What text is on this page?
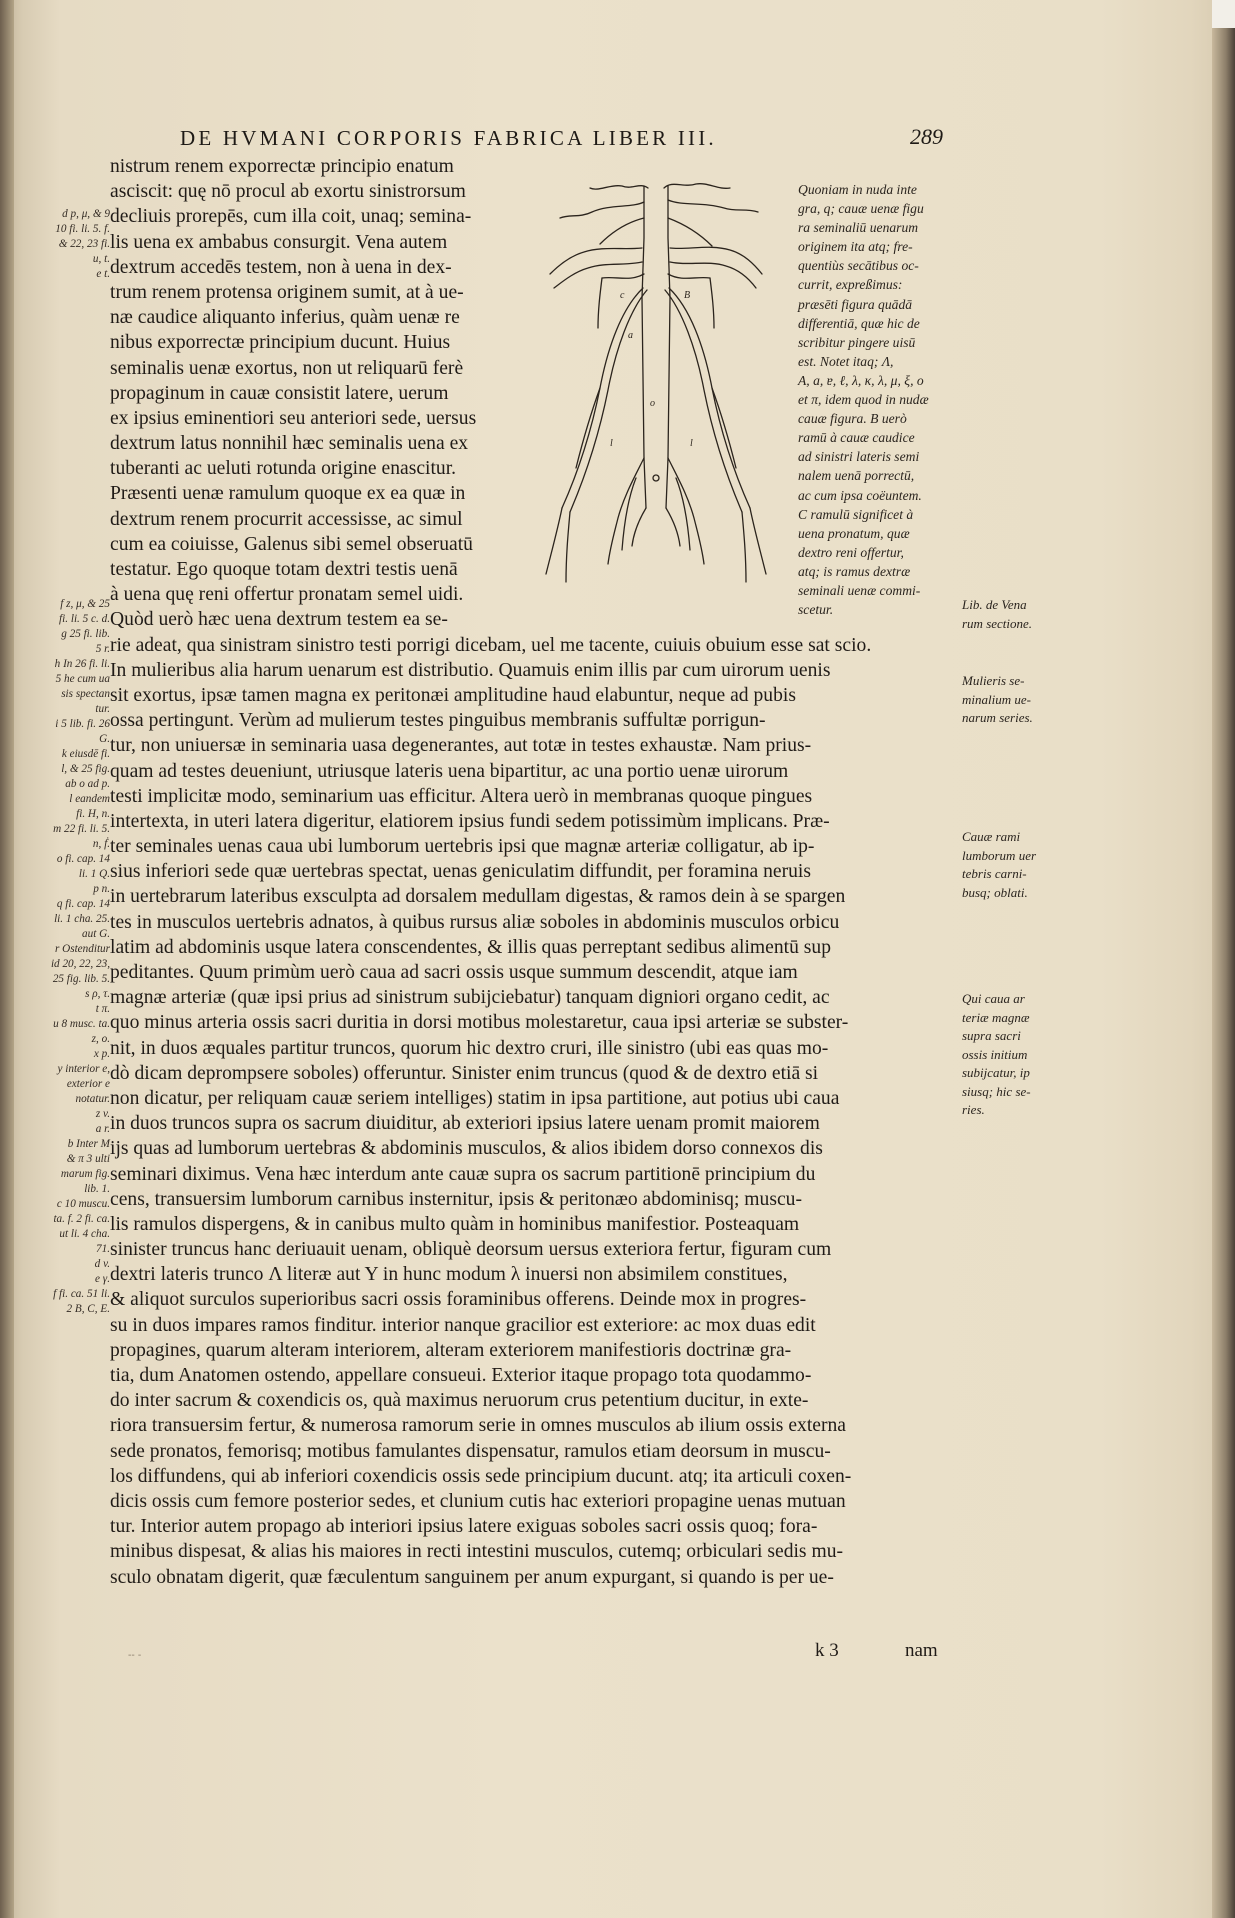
DE HVMANI CORPORIS FABRICA LIBER III.	289
d p, μ, & 9
10 fi. li. 5. f.
& 22, 23 fi.
u, t.
e t.
f z, μ, & 25
fi. li. 5 c. d.
g 25 fi. lib.
5 r.
h In 26 fi. li.
5 he cum ua
sis spectan
tur.
i 5 lib. fi. 26
G.
k eiusdē fi.
l, & 25 fig.
ab o ad p.
l eandem
fi. H, n.
m 22 fi. li. 5.
n, ḟ.
o fi. cap. 14
li. 1 Q.
p n.
q fi. cap. 14
li. 1 cha. 25.
aut G.
r Ostenditur
id 20, 22, 23,
25 fig. lib. 5.
s ρ, τ.
t π.
u 8 musc. ta.
z, o.
x p.
y interior e,
exterior e
notatur.
z v.
a r.
b Inter M
& π 3 ulti
marum fig.
lib. 1.
c 10 muscu.
ta. f. 2 fi. ca.
ut li. 4 cha.
71.
d v.
e γ.
f fi. ca. 51 li.
2 B, C, E.
nistrum renem exporrectæ principio enatum
asciscit: quę nō procul ab exortu sinistrorsum
decliuis prorepēs, cum illa coit, unaq; semina-
lis uena ex ambabus consurgit. Vena autem
dextrum accedēs testem, non à uena in dex-
trum renem protensa originem sumit, at à ue-
næ caudice aliquanto inferius, quàm uenæ re
nibus exporrectæ principium ducunt. Huius
seminalis uenæ exortus, non ut reliquarū ferè
propaginum in cauæ consistit latere, uerum
ex ipsius eminentiori seu anteriori sede, uersus
dextrum latus nonnihil hæc seminalis uena ex
tuberanti ac ueluti rotunda origine enascitur.
Præsenti uenæ ramulum quoque ex ea quæ in
dextrum renem procurrit accessisse, ac simul
cum ea coiuisse, Galenus sibi semel obseruatū
testatur. Ego quoque totam dextri testis uenā
à uena quę reni offertur pronatam semel uidi.
Quòd uerò hæc uena dextrum testem ea se-
rie adeat, qua sinistram sinistro testi porrigi dicebam, uel me tacente, cuiuis obuium esse sat scio.
In mulieribus alia harum uenarum est distributio. Quamuis enim illis par cum uirorum uenis
sit exortus, ipsæ tamen magna ex peritonæi amplitudine haud elabuntur, neque ad pubis
ossa pertingunt. Verùm ad mulierum testes pinguibus membranis suffultæ porrigun-
tur, non uniuersæ in seminaria uasa degenerantes, aut totæ in testes exhaustæ. Nam prius-
quam ad testes deueniunt, utriusque lateris uena bipartitur, ac una portio uenæ uirorum
testi implicitæ modo, seminarium uas efficitur. Altera uerò in membranas quoque pingues
intertexta, in uteri latera digeritur, elatiorem ipsius fundi sedem potissimùm implicans. Præ-
ter seminales uenas caua ubi lumborum uertebris ipsi que magnæ arteriæ colligatur, ab ip-
sius inferiori sede quæ uertebras spectat, uenas geniculatim diffundit, per foramina neruis
in uertebrarum lateribus exsculpta ad dorsalem medullam digestas, & ramos dein à se spargen
tes in musculos uertebris adnatos, à quibus rursus aliæ soboles in abdominis musculos orbicu
latim ad abdominis usque latera conscendentes, & illis quas perreptant sedibus alimentū sup
peditantes. Quum primùm uerò caua ad sacri ossis usque summum descendit, atque iam
magnæ arteriæ (quæ ipsi prius ad sinistrum subijciebatur) tanquam digniori organo cedit, ac
quo minus arteria ossis sacri duritia in dorsi motibus molestaretur, caua ipsi arteriæ se subster-
nit, in duos æquales partitur truncos, quorum hic dextro cruri, ille sinistro (ubi eas quas mo-
dò dicam deprompsere soboles) offeruntur. Sinister enim truncus (quod & de dextro etiā si
non dicatur, per reliquam cauæ seriem intelliges) statim in ipsa partitione, aut potius ubi caua
in duos truncos supra os sacrum diuiditur, ab exteriori ipsius latere uenam promit maiorem
ijs quas ad lumborum uertebras & abdominis musculos, & alios ibidem dorso connexos dis
seminari diximus. Vena hæc interdum ante cauæ supra os sacrum partitionē principium du
cens, transuersim lumborum carnibus insternitur, ipsis & peritonæo abdominisq; muscu-
lis ramulos dispergens, & in canibus multo quàm in hominibus manifestior. Posteaquam
sinister truncus hanc deriuauit uenam, obliquè deorsum uersus exteriora fertur, figuram cum
dextri lateris trunco Λ literæ aut Y in hunc modum λ inuersi non absimilem constitues,
& aliquot surculos superioribus sacri ossis foraminibus offerens. Deinde mox in progres-
su in duos impares ramos finditur. interior nanque gracilior est exteriore: ac mox duas edit
propagines, quarum alteram interiorem, alteram exteriorem manifestioris doctrinæ gra-
tia, dum Anatomen ostendo, appellare consueui. Exterior itaque propago tota quodammo-
do inter sacrum & coxendicis os, quà maximus neruorum crus petentium ducitur, in exte-
riora transuersim fertur, & numerosa ramorum serie in omnes musculos ab ilium ossis externa
sede pronatos, femorisq; motibus famulantes dispensatur, ramulos etiam deorsum in muscu-
los diffundens, qui ab inferiori coxendicis ossis sede principium ducunt. atq; ita articuli coxen-
dicis ossis cum femore posterior sedes, et clunium cutis hac exteriori propagine uenas mutuan
tur. Interior autem propago ab interiori ipsius latere exiguas soboles sacri ossis quoq; fora-
minibus dispesat, & alias his maiores in recti intestini musculos, cutemq; orbiculari sedis mu-
sculo obnatam digerit, quæ fæculentum sanguinem per anum expurgant, si quando is per ue-
c	B
a
l	l
o
Quoniam in nuda inte
gra, q; cauæ uenæ figu
ra seminaliū uenarum
originem ita atq; fre-
quentiùs secātibus oc-
currit, expreßimus:
præsēti figura quādā
differentiā, quæ hic de
scribitur pingere uisū
est. Notet itaq; Λ,
A, a, ɐ, ℓ, λ, κ, λ, μ, ξ, o
et π, idem quod in nudæ
cauæ figura. B uerò
ramū à cauæ caudice
ad sinistri lateris semi
nalem uenā porrectū,
ac cum ipsa coëuntem.
C ramulū significet à
uena pronatum, quæ
dextro reni offertur,
atq; is ramus dextræ
seminali uenæ commi-
scetur.	Lib. de Vena
rum sectione.
Mulieris se-
minalium ue-
narum series.
Cauæ rami
lumborum uer
tebris carni-
busq; oblati.
Qui caua ar
teriæ magnæ
supra sacri
ossis initium
subijcatur, ip
siusq; hic se-
ries.
k 3	nam
-- -
